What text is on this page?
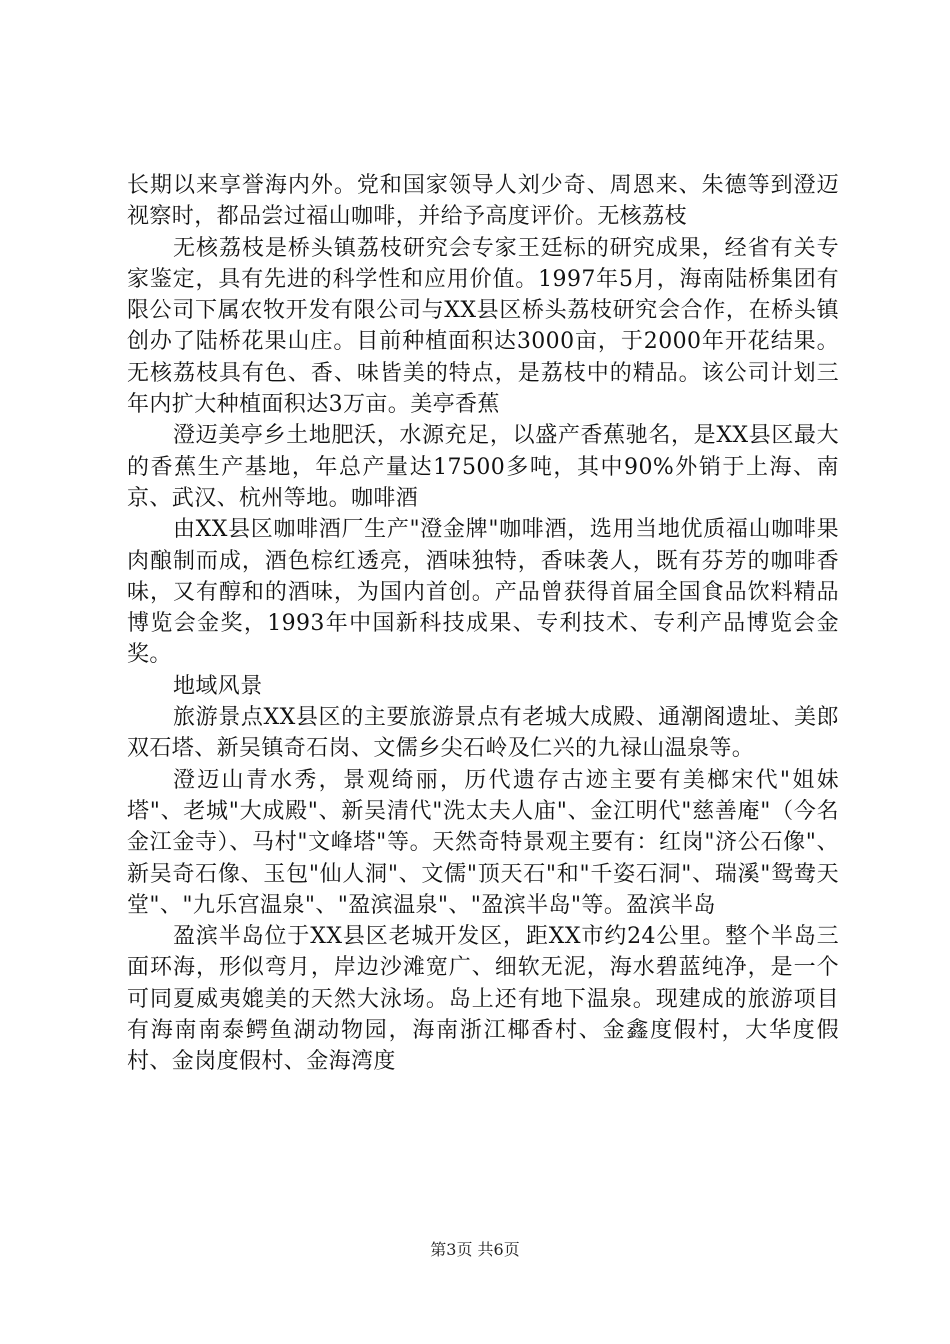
长期以来享誉海内外。党和国家领导人刘少奇、周恩来、朱德等到澄迈视察时，都品尝过福山咖啡，并给予高度评价。无核荔枝

无核荔枝是桥头镇荔枝研究会专家王廷标的研究成果，经省有关专家鉴定，具有先进的科学性和应用价值。1997年5月，海南陆桥集团有限公司下属农牧开发有限公司与XX县区桥头荔枝研究会合作，在桥头镇创办了陆桥花果山庄。目前种植面积达3000亩，于2000年开花结果。无核荔枝具有色、香、味皆美的特点，是荔枝中的精品。该公司计划三年内扩大种植面积达3万亩。美亭香蕉

澄迈美亭乡土地肥沃，水源充足，以盛产香蕉驰名，是XX县区最大的香蕉生产基地，年总产量达17500多吨，其中90%外销于上海、南京、武汉、杭州等地。咖啡酒

由XX县区咖啡酒厂生产"澄金牌"咖啡酒，选用当地优质福山咖啡果肉酿制而成，酒色棕红透亮，酒味独特，香味袭人，既有芬芳的咖啡香味，又有醇和的酒味，为国内首创。产品曾获得首届全国食品饮料精品博览会金奖，1993年中国新科技成果、专利技术、专利产品博览会金奖。

地域风景

旅游景点XX县区的主要旅游景点有老城大成殿、通潮阁遗址、美郎双石塔、新吴镇奇石岗、文儒乡尖石岭及仁兴的九禄山温泉等。

澄迈山青水秀，景观绮丽，历代遗存古迹主要有美榔宋代"姐妹塔"、老城"大成殿"、新吴清代"洗太夫人庙"、金江明代"慈善庵"（今名金江金寺）、马村"文峰塔"等。天然奇特景观主要有：红岗"济公石像"、新吴奇石像、玉包"仙人洞"、文儒"顶天石"和"千姿石洞"、瑞溪"鸳鸯天堂"、"九乐宫温泉"、"盈滨温泉"、"盈滨半岛"等。盈滨半岛

盈滨半岛位于XX县区老城开发区，距XX市约24公里。整个半岛三面环海，形似弯月，岸边沙滩宽广、细软无泥，海水碧蓝纯净，是一个可同夏威夷媲美的天然大泳场。岛上还有地下温泉。现建成的旅游项目有海南南泰鳄鱼湖动物园，海南浙江椰香村、金鑫度假村，大华度假村、金岗度假村、金海湾度

第3页 共6页
